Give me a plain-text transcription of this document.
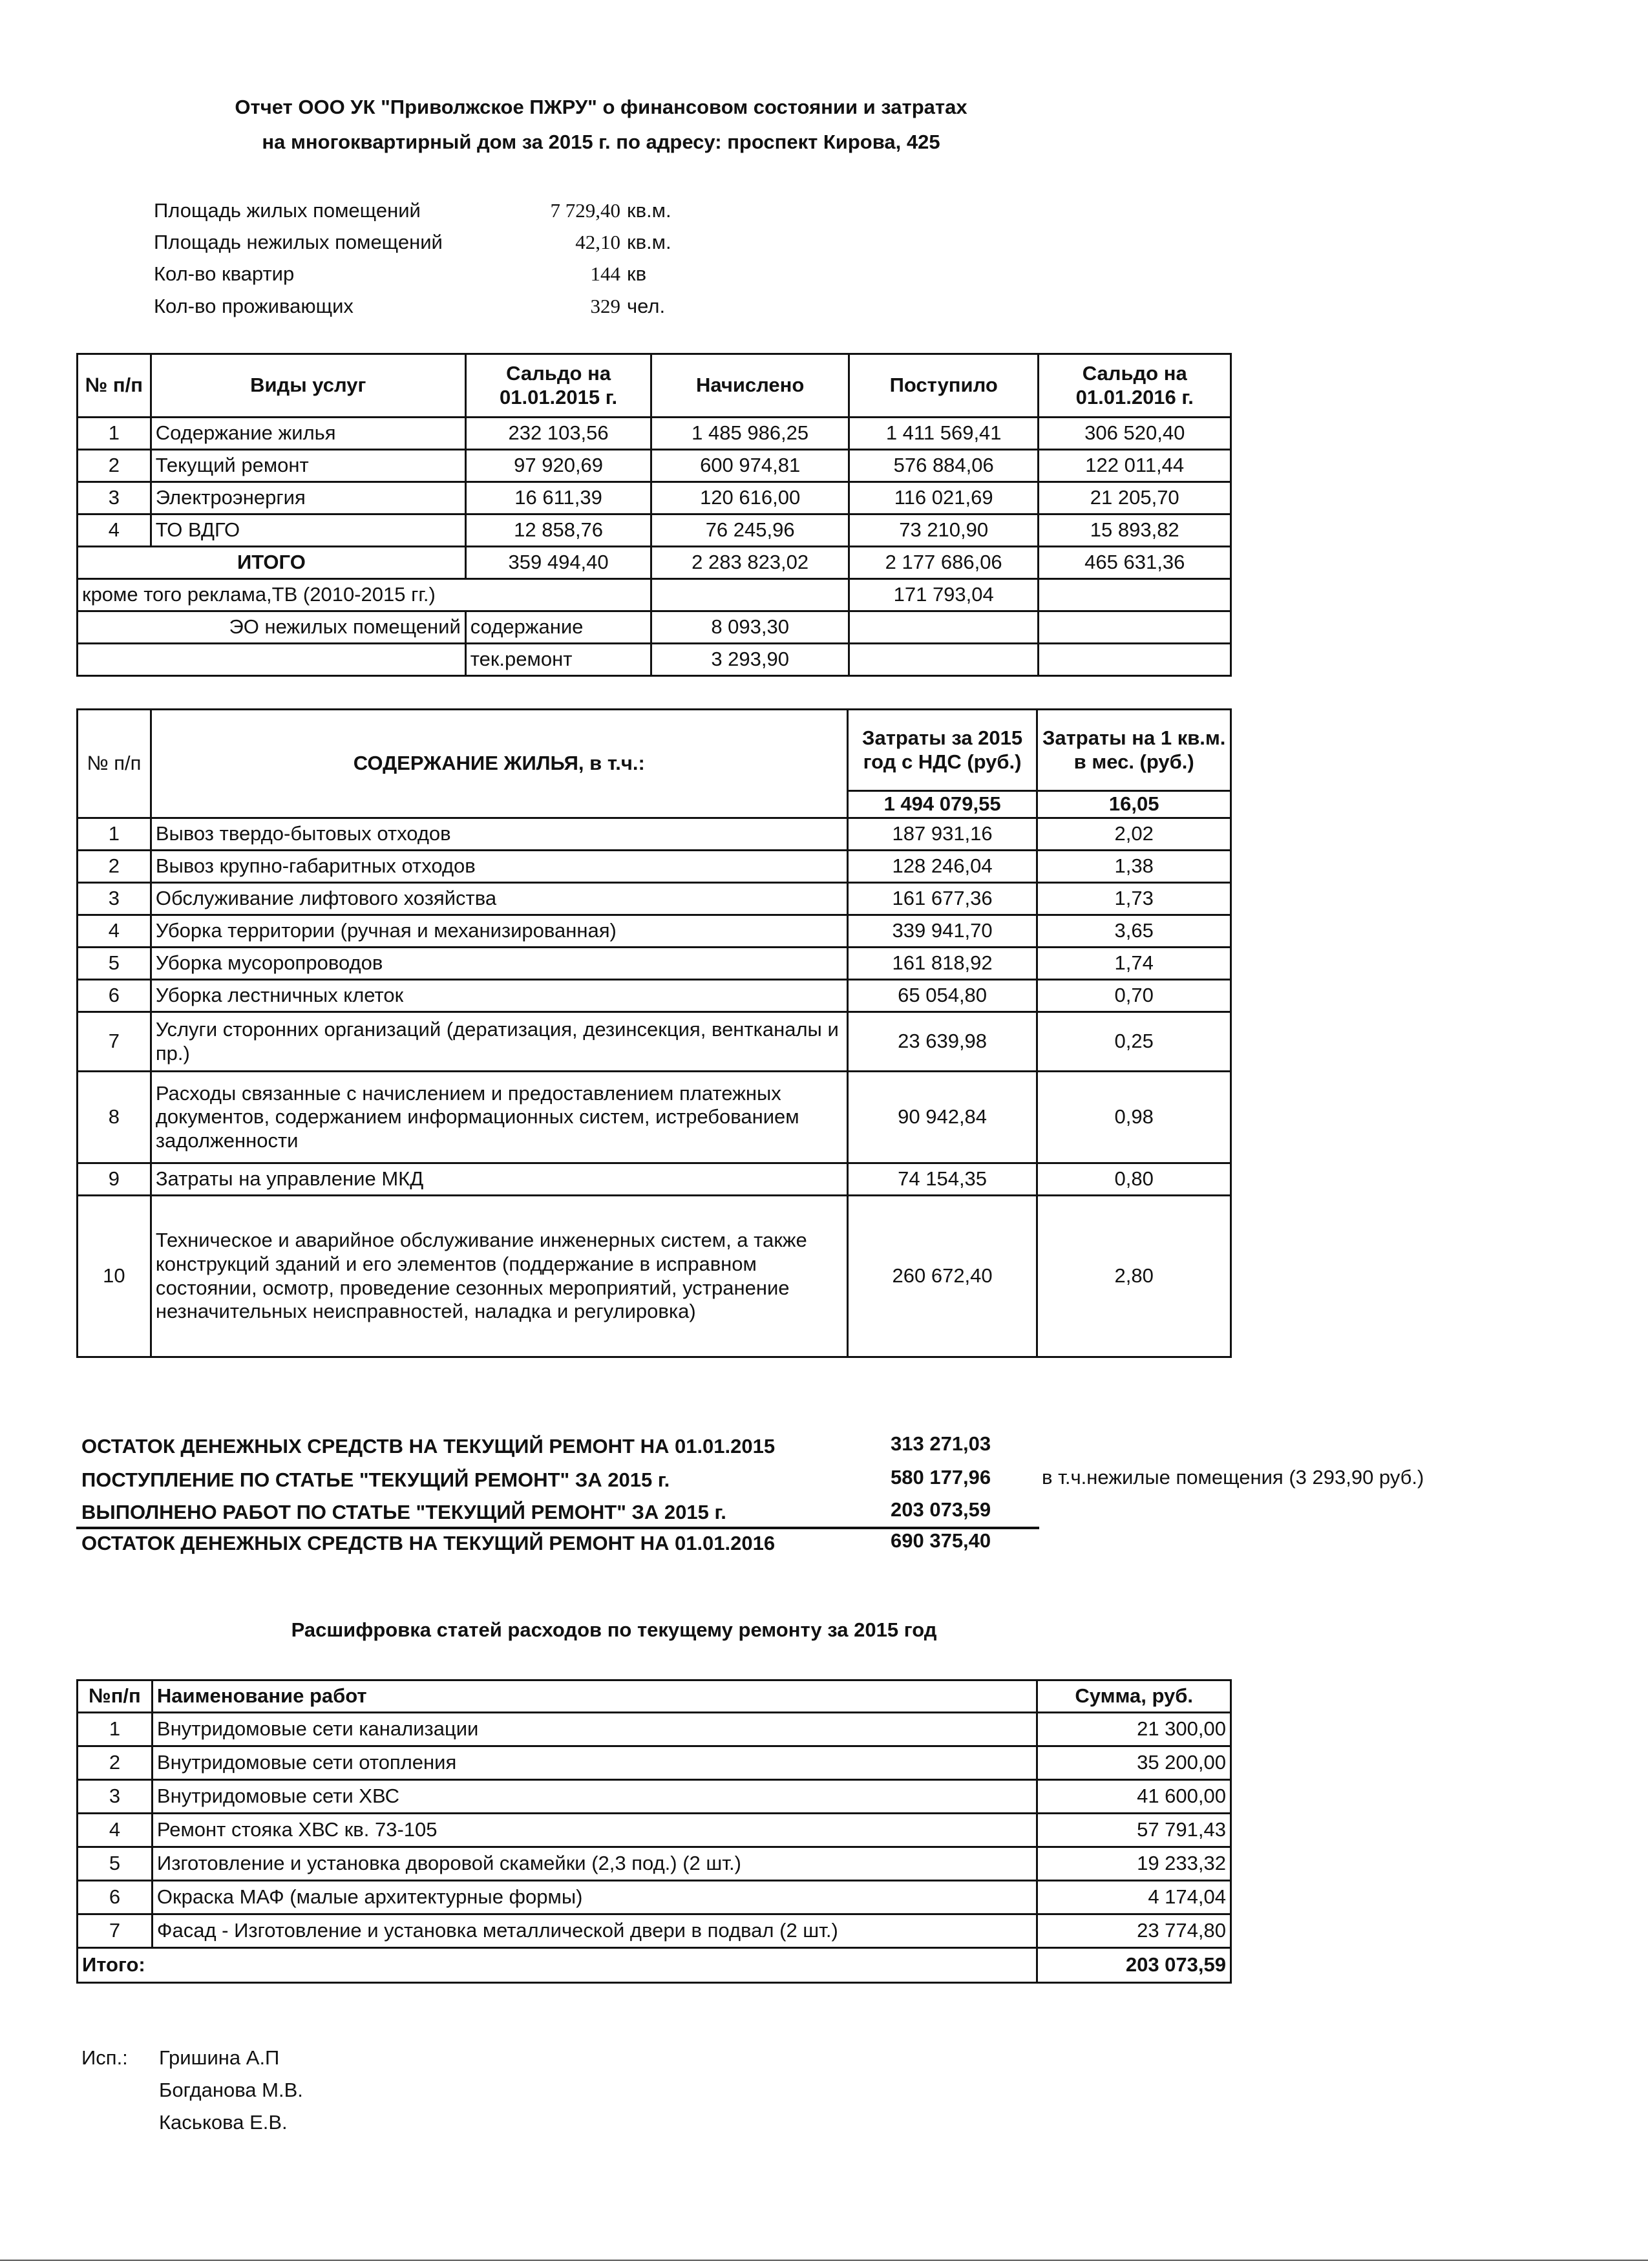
Отчет ООО УК "Приволжское ПЖРУ" о финансовом состоянии и затратах
на многоквартирный дом за 2015 г. по адресу: проспект Кирова, 425
Площадь жилых помещений	7 729,40 кв.м.
Площадь нежилых помещений	42,10 кв.м.
Кол-во квартир	144 кв
Кол-во проживающих	329 чел.
№ п/п	Виды услуг	Сальдо на 01.01.2015 г.	Начислено	Поступило	Сальдо на 01.01.2016 г.
1	Содержание жилья	232 103,56	1 485 986,25	1 411 569,41	306 520,40
2	Текущий ремонт	97 920,69	600 974,81	576 884,06	122 011,44
3	Электроэнергия	16 611,39	120 616,00	116 021,69	21 205,70
4	ТО ВДГО	12 858,76	76 245,96	73 210,90	15 893,82
ИТОГО		359 494,40	2 283 823,02	2 177 686,06	465 631,36
кроме того реклама,ТВ (2010-2015 гг.)				171 793,04	
ЭО нежилых помещений		содержание	8 093,30		
		тек.ремонт	3 293,90		
№ п/п	СОДЕРЖАНИЕ ЖИЛЬЯ, в т.ч.:	Затраты за 2015 год с НДС (руб.)	Затраты на 1 кв.м. в мес. (руб.)
		1 494 079,55	16,05
1	Вывоз твердо-бытовых отходов	187 931,16	2,02
2	Вывоз крупно-габаритных отходов	128 246,04	1,38
3	Обслуживание лифтового хозяйства	161 677,36	1,73
4	Уборка территории (ручная и механизированная)	339 941,70	3,65
5	Уборка мусоропроводов	161 818,92	1,74
6	Уборка лестничных клеток	65 054,80	0,70
7	Услуги сторонних организаций (дератизация, дезинсекция, вентканалы и пр.)	23 639,98	0,25
8	Расходы связанные с начислением и предоставлением платежных документов, содержанием информационных систем, истребованием задолженности	90 942,84	0,98
9	Затраты на управление МКД	74 154,35	0,80
10	Техническое и аварийное обслуживание инженерных систем, а также конструкций зданий и его элементов (поддержание в исправном состоянии, осмотр, проведение сезонных мероприятий, устранение незначительных неисправностей, наладка и регулировка)	260 672,40	2,80
ОСТАТОК ДЕНЕЖНЫХ СРЕДСТВ НА ТЕКУЩИЙ РЕМОНТ НА 01.01.2015	313 271,03
ПОСТУПЛЕНИЕ ПО СТАТЬЕ "ТЕКУЩИЙ РЕМОНТ" ЗА 2015 г.	580 177,96	в т.ч.нежилые помещения (3 293,90 руб.)
ВЫПОЛНЕНО РАБОТ ПО СТАТЬЕ "ТЕКУЩИЙ РЕМОНТ" ЗА 2015 г.	203 073,59
ОСТАТОК ДЕНЕЖНЫХ СРЕДСТВ НА ТЕКУЩИЙ РЕМОНТ НА 01.01.2016	690 375,40
Расшифровка статей расходов по текущему ремонту за 2015 год
№п/п	Наименование работ	Сумма, руб.
1	Внутридомовые сети канализации	21 300,00
2	Внутридомовые сети отопления	35 200,00
3	Внутридомовые сети ХВС	41 600,00
4	Ремонт стояка ХВС кв. 73-105	57 791,43
5	Изготовление и установка дворовой скамейки (2,3 под.) (2 шт.)	19 233,32
6	Окраска МАФ (малые архитектурные формы)	4 174,04
7	Фасад - Изготовление и установка металлической двери в подвал (2 шт.)	23 774,80
Итого:		203 073,59
Исп.: Гришина А.П
Богданова М.В.
Каськова Е.В.
